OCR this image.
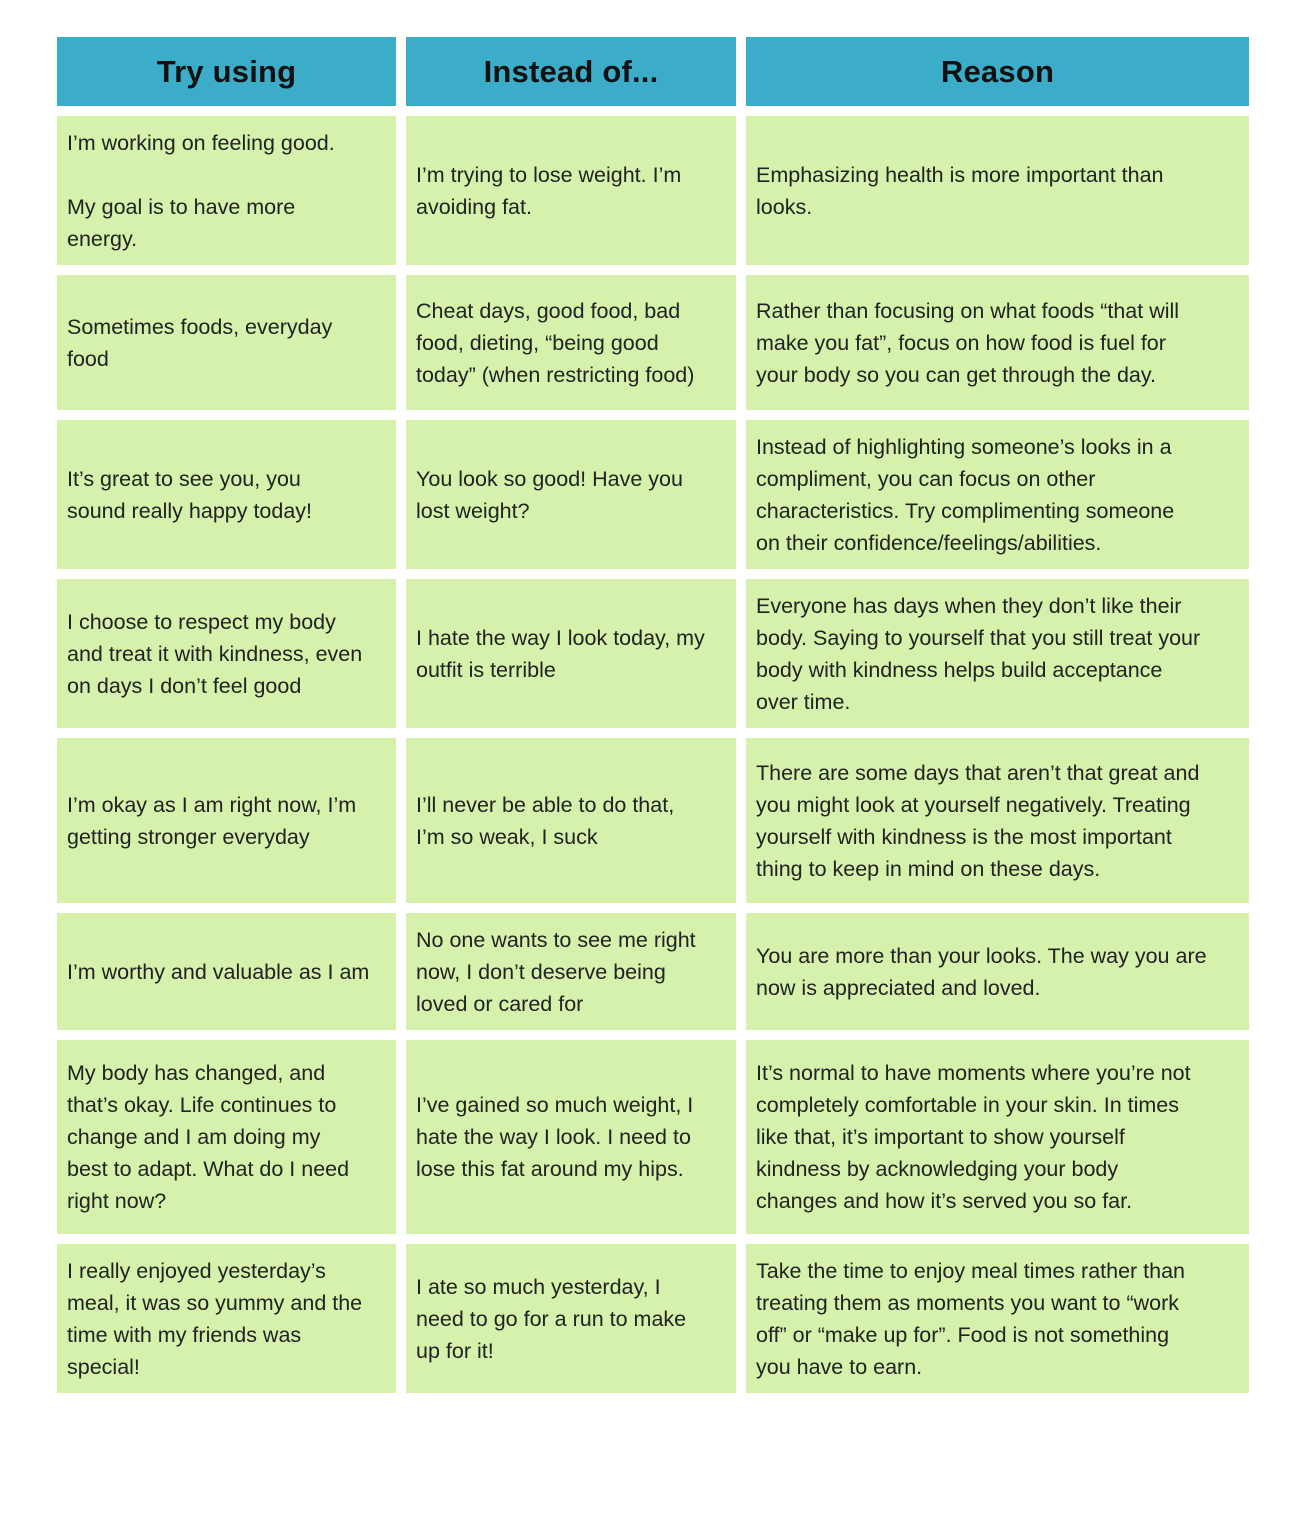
Try using	Instead of...	Reason
I’m working on feeling good.

My goal is to have more
energy.
I’m trying to lose weight. I’m
avoiding fat.
Emphasizing health is more important than
looks.
Sometimes foods, everyday
food
Cheat days, good food, bad
food, dieting, “being good
today” (when restricting food)
Rather than focusing on what foods “that will
make you fat”, focus on how food is fuel for
your body so you can get through the day.
It’s great to see you, you
sound really happy today!
You look so good! Have you
lost weight?
Instead of highlighting someone’s looks in a
compliment, you can focus on other
characteristics. Try complimenting someone
on their confidence/feelings/abilities.
I choose to respect my body
and treat it with kindness, even
on days I don’t feel good
I hate the way I look today, my
outfit is terrible
Everyone has days when they don’t like their
body. Saying to yourself that you still treat your
body with kindness helps build acceptance
over time.
I’m okay as I am right now, I’m
getting stronger everyday
I’ll never be able to do that,
I’m so weak, I suck
There are some days that aren’t that great and
you might look at yourself negatively. Treating
yourself with kindness is the most important
thing to keep in mind on these days.
I’m worthy and valuable as I am
No one wants to see me right
now, I don’t deserve being
loved or cared for
You are more than your looks. The way you are
now is appreciated and loved.
My body has changed, and
that’s okay. Life continues to
change and I am doing my
best to adapt. What do I need
right now?
I’ve gained so much weight, I
hate the way I look. I need to
lose this fat around my hips.
It’s normal to have moments where you’re not
completely comfortable in your skin. In times
like that, it’s important to show yourself
kindness by acknowledging your body
changes and how it’s served you so far.
I really enjoyed yesterday’s
meal, it was so yummy and the
time with my friends was
special!
I ate so much yesterday, I
need to go for a run to make
up for it!
Take the time to enjoy meal times rather than
treating them as moments you want to “work
off” or “make up for”. Food is not something
you have to earn.
